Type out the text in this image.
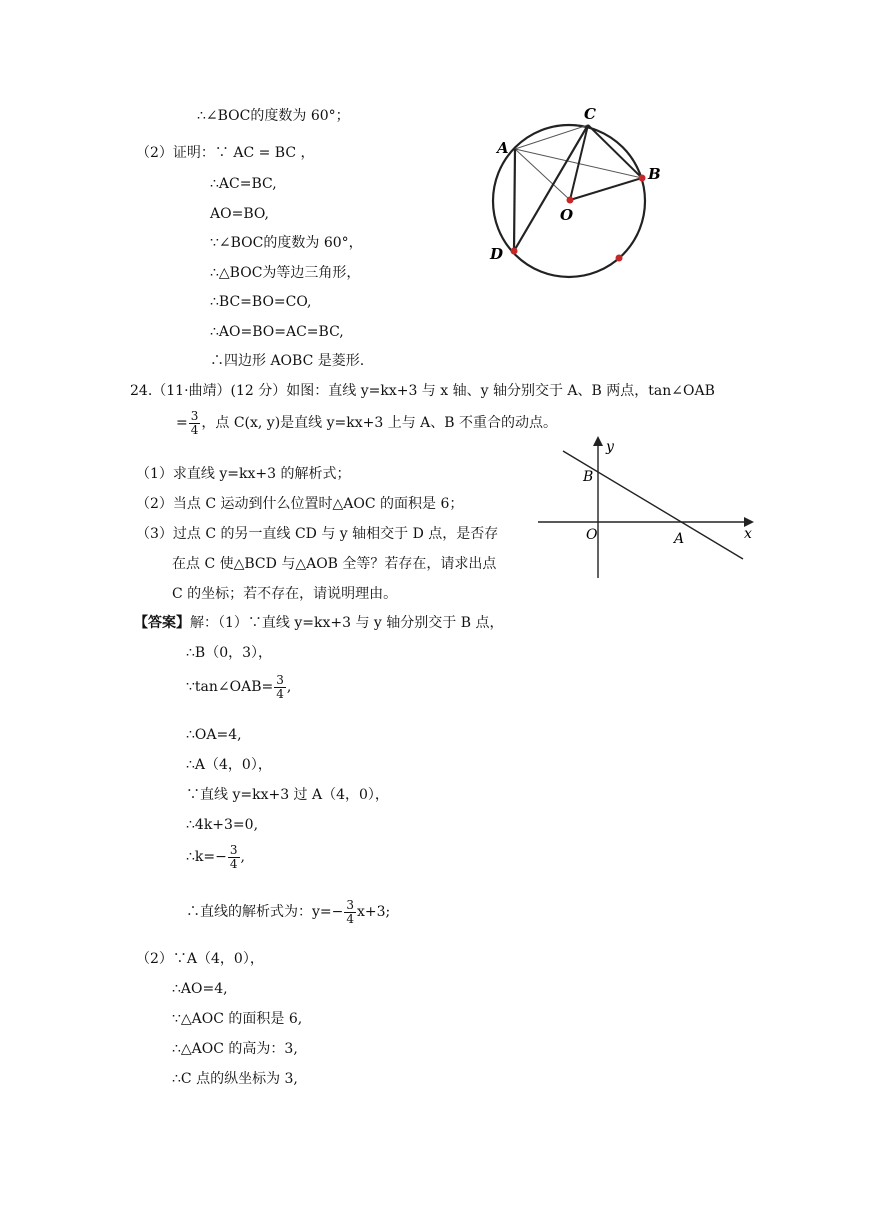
∴∠BOC的度数为 60°；
（2）证明：∵ AC = BC ，
∴AC=BC,
AO=BO,
∵∠BOC的度数为 60°，
∴△BOC为等边三角形，
∴BC=BO=CO,
∴AO=BO=AC=BC,
∴四边形 AOBC 是菱形.
C
A
B
O
D
24.（11·曲靖）(12 分）如图：直线 y=kx+3 与 x 轴、y 轴分别交于 A、B 两点，tan∠OAB
= $\frac{3}{4}$ ，点 C(x, y)是直线 y=kx+3 上与 A、B 不重合的动点。
（1）求直线 y=kx+3 的解析式；
（2）当点 C 运动到什么位置时△AOC 的面积是 6；
（3）过点 C 的另一直线 CD 与 y 轴相交于 D 点，是否存
在点 C 使△BCD 与△AOB 全等？若存在，请求出点
C 的坐标；若不存在，请说明理由。
y
x
B
O	A
【答案】解：（1）∵直线 y=kx+3 与 y 轴分别交于 B 点，
∴B（0，3），
∵tan∠OAB= $\frac{3}{4}$ ,
∴OA=4,
∴A（4，0），
∵直线 y=kx+3 过 A（4，0），
∴4k+3=0,
∴k=− $\frac{3}{4}$ ,
∴直线的解析式为：$y=- \frac{3}{4} x+3$;
（2）∵A（4，0），
∴AO=4,
∵△AOC 的面积是 6,
∴△AOC 的高为：3,
∴C 点的纵坐标为 3,
